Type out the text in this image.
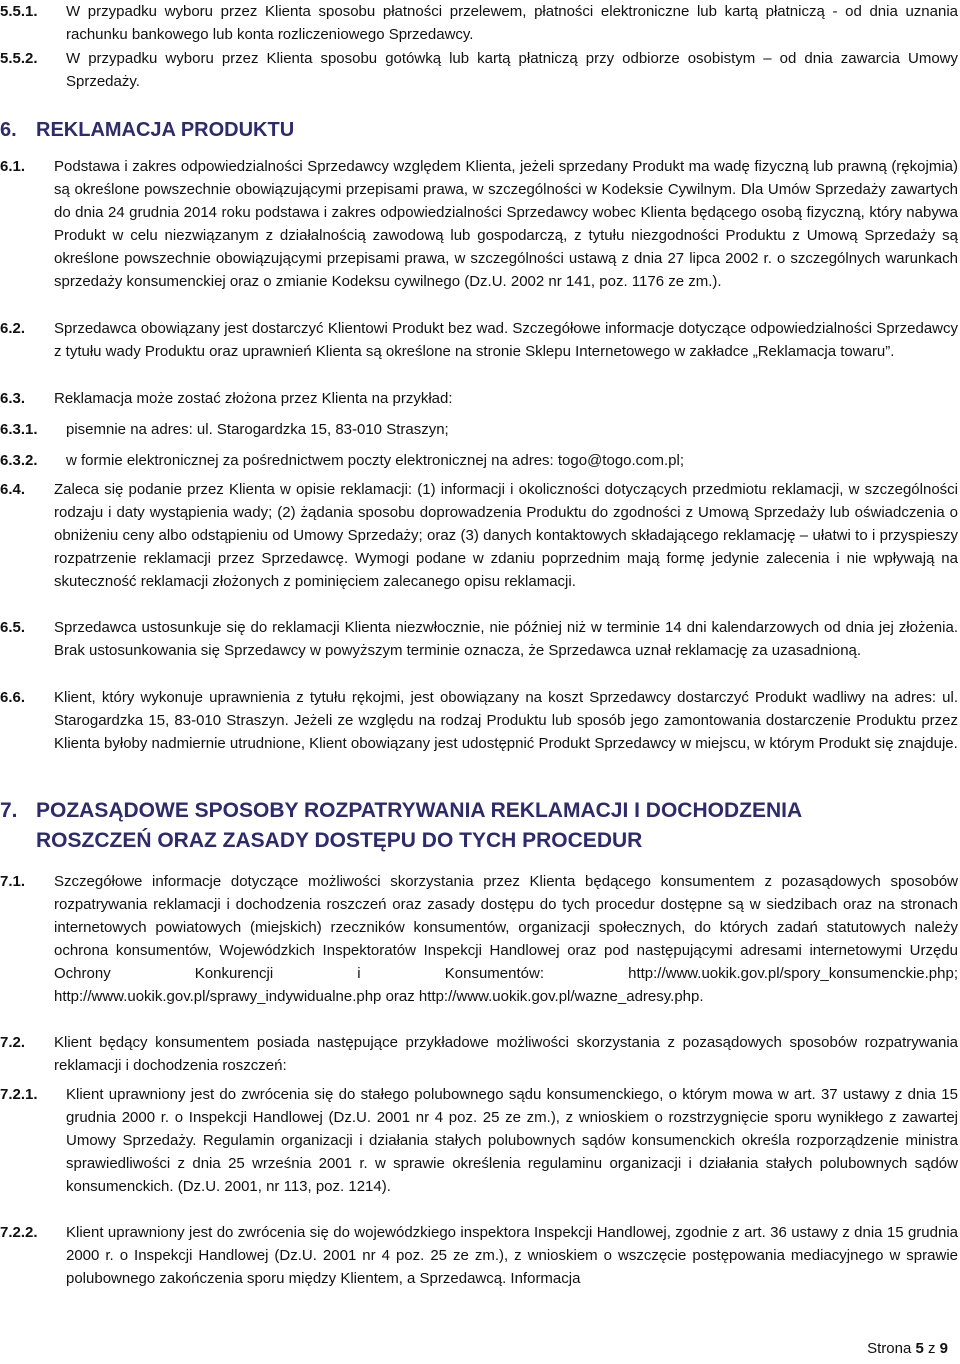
5.5.1. W przypadku wyboru przez Klienta sposobu płatności przelewem, płatności elektroniczne lub kartą płatniczą - od dnia uznania rachunku bankowego lub konta rozliczeniowego Sprzedawcy.
5.5.2. W przypadku wyboru przez Klienta sposobu gotówką lub kartą płatniczą przy odbiorze osobistym – od dnia zawarcia Umowy Sprzedaży.
6. REKLAMACJA PRODUKTU
6.1. Podstawa i zakres odpowiedzialności Sprzedawcy względem Klienta, jeżeli sprzedany Produkt ma wadę fizyczną lub prawną (rękojmia) są określone powszechnie obowiązującymi przepisami prawa, w szczególności w Kodeksie Cywilnym. Dla Umów Sprzedaży zawartych do dnia 24 grudnia 2014 roku podstawa i zakres odpowiedzialności Sprzedawcy wobec Klienta będącego osobą fizyczną, który nabywa Produkt w celu niezwiązanym z działalnością zawodową lub gospodarczą, z tytułu niezgodności Produktu z Umową Sprzedaży są określone powszechnie obowiązującymi przepisami prawa, w szczególności ustawą z dnia 27 lipca 2002 r. o szczególnych warunkach sprzedaży konsumenckiej oraz o zmianie Kodeksu cywilnego (Dz.U. 2002 nr 141, poz. 1176 ze zm.).
6.2. Sprzedawca obowiązany jest dostarczyć Klientowi Produkt bez wad. Szczegółowe informacje dotyczące odpowiedzialności Sprzedawcy z tytułu wady Produktu oraz uprawnień Klienta są określone na stronie Sklepu Internetowego w zakładce „Reklamacja towaru”.
6.3. Reklamacja może zostać złożona przez Klienta na przykład:
6.3.1. pisemnie na adres: ul. Starogardzka 15, 83-010 Straszyn;
6.3.2. w formie elektronicznej za pośrednictwem poczty elektronicznej na adres: togo@togo.com.pl;
6.4. Zaleca się podanie przez Klienta w opisie reklamacji: (1) informacji i okoliczności dotyczących przedmiotu reklamacji, w szczególności rodzaju i daty wystąpienia wady; (2) żądania sposobu doprowadzenia Produktu do zgodności z Umową Sprzedaży lub oświadczenia o obniżeniu ceny albo odstąpieniu od Umowy Sprzedaży; oraz (3) danych kontaktowych składającego reklamację – ułatwi to i przyspieszy rozpatrzenie reklamacji przez Sprzedawcę. Wymogi podane w zdaniu poprzednim mają formę jedynie zalecenia i nie wpływają na skuteczność reklamacji złożonych z pominięciem zalecanego opisu reklamacji.
6.5. Sprzedawca ustosunkuje się do reklamacji Klienta niezwłocznie, nie później niż w terminie 14 dni kalendarzowych od dnia jej złożenia. Brak ustosunkowania się Sprzedawcy w powyższym terminie oznacza, że Sprzedawca uznał reklamację za uzasadnioną.
6.6. Klient, który wykonuje uprawnienia z tytułu rękojmi, jest obowiązany na koszt Sprzedawcy dostarczyć Produkt wadliwy na adres: ul. Starogardzka 15, 83-010 Straszyn. Jeżeli ze względu na rodzaj Produktu lub sposób jego zamontowania dostarczenie Produktu przez Klienta byłoby nadmiernie utrudnione, Klient obowiązany jest udostępnić Produkt Sprzedawcy w miejscu, w którym Produkt się znajduje.
7. POZASĄDOWE SPOSOBY ROZPATRYWANIA REKLAMACJI I DOCHODZENIA
ROSZCZEŃ ORAZ ZASADY DOSTĘPU DO TYCH PROCEDUR
7.1. Szczegółowe informacje dotyczące możliwości skorzystania przez Klienta będącego konsumentem z pozasądowych sposobów rozpatrywania reklamacji i dochodzenia roszczeń oraz zasady dostępu do tych procedur dostępne są w siedzibach oraz na stronach internetowych powiatowych (miejskich) rzeczników konsumentów, organizacji społecznych, do których zadań statutowych należy ochrona konsumentów, Wojewódzkich Inspektoratów Inspekcji Handlowej oraz pod następującymi adresami internetowymi Urzędu Ochrony Konkurencji i Konsumentów: http://www.uokik.gov.pl/spory_konsumenckie.php; http://www.uokik.gov.pl/sprawy_indywidualne.php oraz http://www.uokik.gov.pl/wazne_adresy.php.
7.2. Klient będący konsumentem posiada następujące przykładowe możliwości skorzystania z pozasądowych sposobów rozpatrywania reklamacji i dochodzenia roszczeń:
7.2.1. Klient uprawniony jest do zwrócenia się do stałego polubownego sądu konsumenckiego, o którym mowa w art. 37 ustawy z dnia 15 grudnia 2000 r. o Inspekcji Handlowej (Dz.U. 2001 nr 4 poz. 25 ze zm.), z wnioskiem o rozstrzygnięcie sporu wynikłego z zawartej Umowy Sprzedaży. Regulamin organizacji i działania stałych polubownych sądów konsumenckich określa rozporządzenie ministra sprawiedliwości z dnia 25 września 2001 r. w sprawie określenia regulaminu organizacji i działania stałych polubownych sądów konsumenckich. (Dz.U. 2001, nr 113, poz. 1214).
7.2.2. Klient uprawniony jest do zwrócenia się do wojewódzkiego inspektora Inspekcji Handlowej, zgodnie z art. 36 ustawy z dnia 15 grudnia 2000 r. o Inspekcji Handlowej (Dz.U. 2001 nr 4 poz. 25 ze zm.), z wnioskiem o wszczęcie postępowania mediacyjnego w sprawie polubownego zakończenia sporu między Klientem, a Sprzedawcą. Informacja
Strona 5 z 9
